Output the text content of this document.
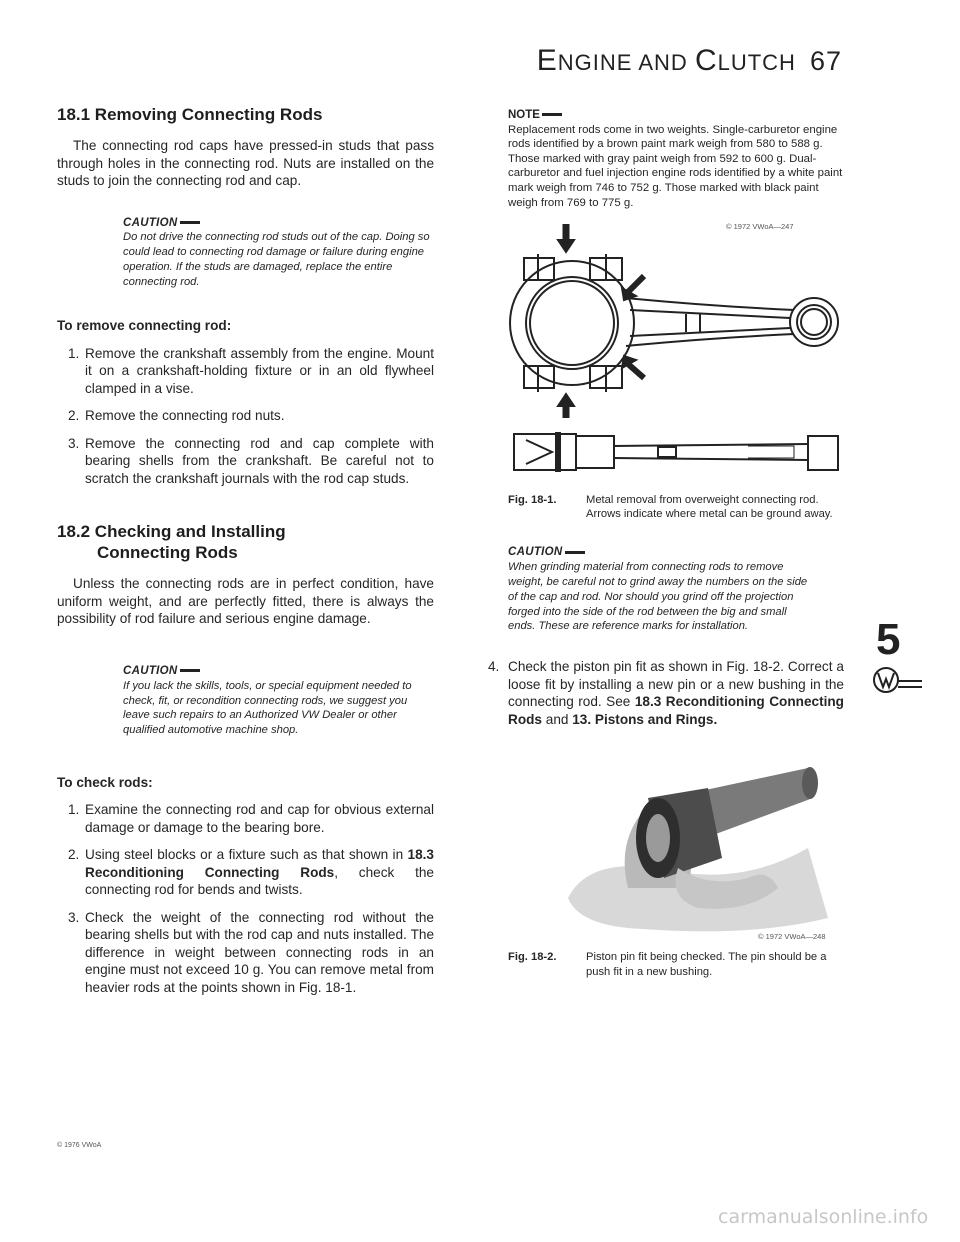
ENGINE AND CLUTCH 67
18.1 Removing Connecting Rods

The connecting rod caps have pressed-in studs that pass through holes in the connecting rod. Nuts are installed on the studs to join the connecting rod and cap.

CAUTION
Do not drive the connecting rod studs out of the cap. Doing so could lead to connecting rod damage or failure during engine operation. If the studs are damaged, replace the entire connecting rod.
To remove connecting rod:
1. Remove the crankshaft assembly from the engine. Mount it on a crankshaft-holding fixture or in an old flywheel clamped in a vise.
2. Remove the connecting rod nuts.
3. Remove the connecting rod and cap complete with bearing shells from the crankshaft. Be careful not to scratch the crankshaft journals with the rod cap studs.
18.2 Checking and Installing
Connecting Rods

Unless the connecting rods are in perfect condition, have uniform weight, and are perfectly fitted, there is always the possibility of rod failure and serious engine damage.

CAUTION
If you lack the skills, tools, or special equipment needed to check, fit, or recondition connecting rods, we suggest you leave such repairs to an Authorized VW Dealer or other qualified automotive machine shop.
To check rods:
1. Examine the connecting rod and cap for obvious external damage or damage to the bearing bore.
2. Using steel blocks or a fixture such as that shown in 18.3 Reconditioning Connecting Rods, check the connecting rod for bends and twists.
3. Check the weight of the connecting rod without the bearing shells but with the rod cap and nuts installed. The difference in weight between connecting rods in an engine must not exceed 10 g. You can remove metal from heavier rods at the points shown in Fig. 18-1.
NOTE
Replacement rods come in two weights. Single-carburetor engine rods identified by a brown paint mark weigh from 580 to 588 g. Those marked with gray paint weigh from 592 to 600 g. Dual-carburetor and fuel injection engine rods identified by a white paint mark weigh from 746 to 752 g. Those marked with black paint weigh from 769 to 775 g.
© 1972 VWoA—247
Fig. 18-1.	Metal removal from overweight connecting rod. Arrows indicate where metal can be ground away.
CAUTION
When grinding material from connecting rods to remove weight, be careful not to grind away the numbers on the side of the cap and rod. Nor should you grind off the projection forged into the side of the rod between the big and small ends. These are reference marks for installation.
4. Check the piston pin fit as shown in Fig. 18-2. Correct a loose fit by installing a new pin or a new bushing in the connecting rod. See 18.3 Reconditioning Connecting Rods and 13. Pistons and Rings.
© 1972 VWoA—248
Fig. 18-2.	Piston pin fit being checked. The pin should be a push fit in a new bushing.
5
© 1976 VWoA
carmanualsonline.info
